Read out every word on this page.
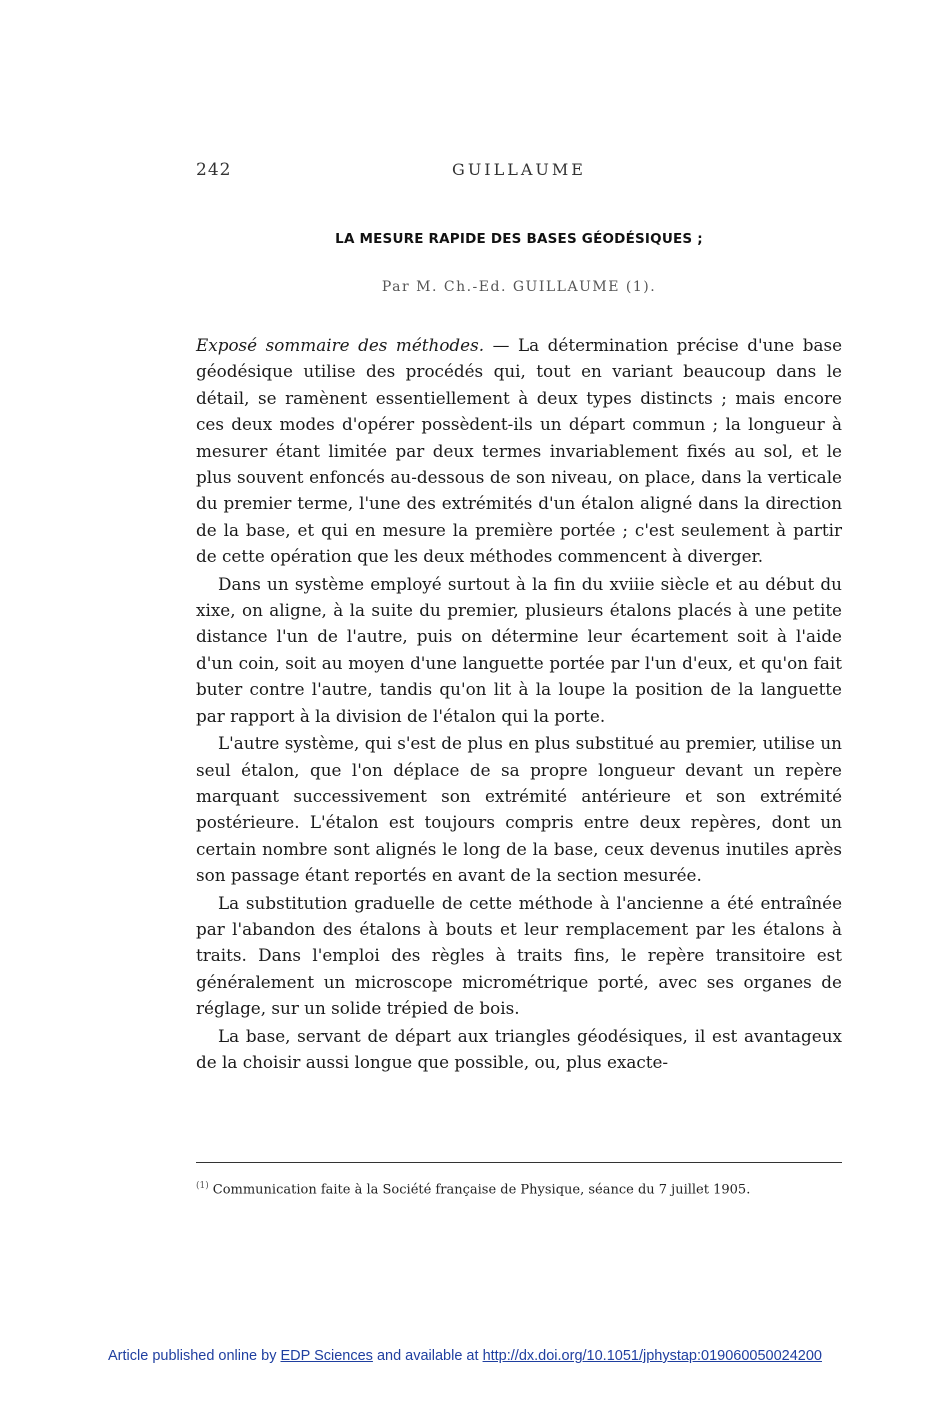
242	GUILLAUME
LA MESURE RAPIDE DES BASES GÉODÉSIQUES ;
Par M. Ch.-Ed. GUILLAUME (1).

Exposé sommaire des méthodes. — La détermination précise d'une base géodésique utilise des procédés qui, tout en variant beaucoup dans le détail, se ramènent essentiellement à deux types distincts ; mais encore ces deux modes d'opérer possèdent-ils un départ commun ; la longueur à mesurer étant limitée par deux termes invariablement fixés au sol, et le plus souvent enfoncés au-dessous de son niveau, on place, dans la verticale du premier terme, l'une des extrémités d'un étalon aligné dans la direction de la base, et qui en mesure la première portée ; c'est seulement à partir de cette opération que les deux méthodes commencent à diverger.

Dans un système employé surtout à la fin du xviiie siècle et au début du xixe, on aligne, à la suite du premier, plusieurs étalons placés à une petite distance l'un de l'autre, puis on détermine leur écartement soit à l'aide d'un coin, soit au moyen d'une languette portée par l'un d'eux, et qu'on fait buter contre l'autre, tandis qu'on lit à la loupe la position de la languette par rapport à la division de l'étalon qui la porte.

L'autre système, qui s'est de plus en plus substitué au premier, utilise un seul étalon, que l'on déplace de sa propre longueur devant un repère marquant successivement son extrémité antérieure et son extrémité postérieure. L'étalon est toujours compris entre deux repères, dont un certain nombre sont alignés le long de la base, ceux devenus inutiles après son passage étant reportés en avant de la section mesurée.

La substitution graduelle de cette méthode à l'ancienne a été entraînée par l'abandon des étalons à bouts et leur remplacement par les étalons à traits. Dans l'emploi des règles à traits fins, le repère transitoire est généralement un microscope micrométrique porté, avec ses organes de réglage, sur un solide trépied de bois.

La base, servant de départ aux triangles géodésiques, il est avantageux de la choisir aussi longue que possible, ou, plus exacte-

$^{(1)}$ Communication faite à la Société française de Physique, séance du 7 juillet 1905.
Article published online by EDP Sciences and available at http://dx.doi.org/10.1051/jphystap:019060050024200
